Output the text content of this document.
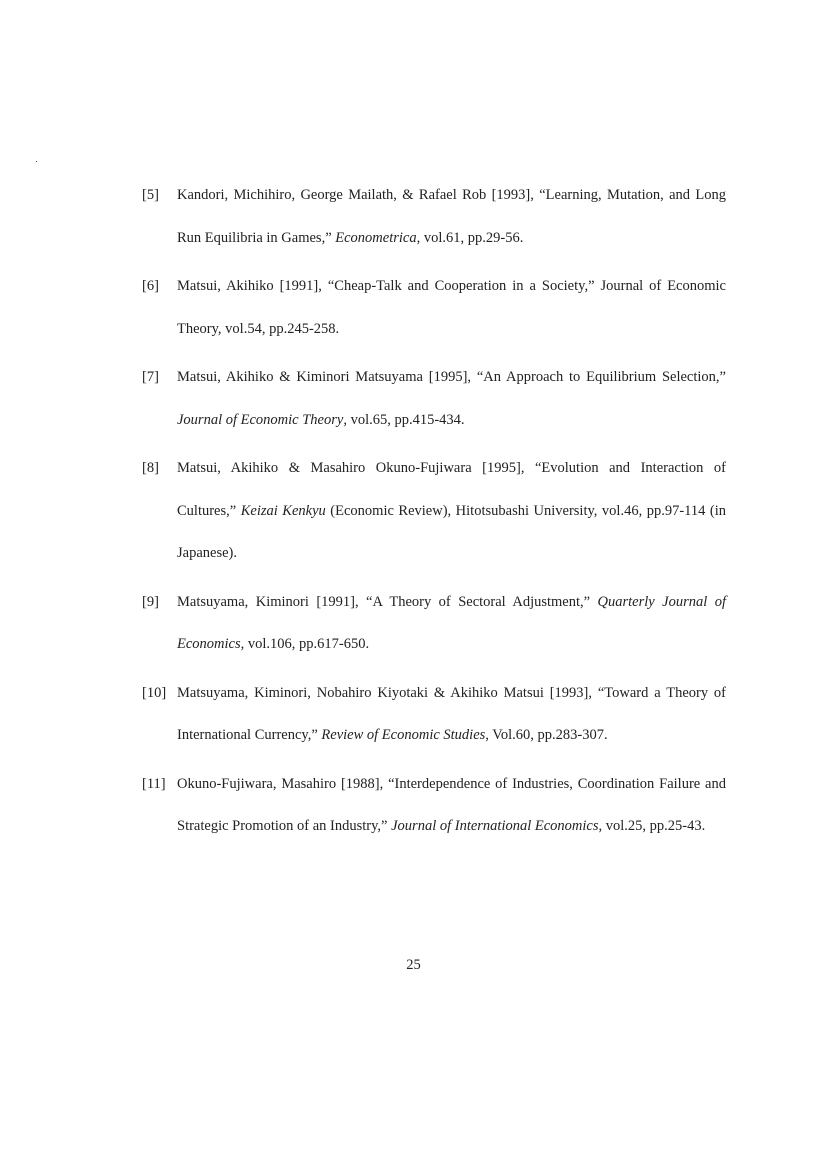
[5]	Kandori, Michihiro, George Mailath, & Rafael Rob [1993], “Learning, Mutation, and Long Run Equilibria in Games,” Econometrica, vol.61, pp.29-56.

[6]	Matsui, Akihiko [1991], “Cheap-Talk and Cooperation in a Society,” Journal of Economic Theory, vol.54, pp.245-258.

[7]	Matsui, Akihiko & Kiminori Matsuyama [1995], “An Approach to Equilibrium Selection,” Journal of Economic Theory, vol.65, pp.415-434.

[8]	Matsui, Akihiko & Masahiro Okuno-Fujiwara [1995], “Evolution and Interaction of Cultures,” Keizai Kenkyu (Economic Review), Hitotsubashi University, vol.46, pp.97-114 (in Japanese).

[9]	Matsuyama, Kiminori [1991], “A Theory of Sectoral Adjustment,” Quarterly Journal of Economics, vol.106, pp.617-650.

[10] Matsuyama, Kiminori, Nobahiro Kiyotaki & Akihiko Matsui [1993], “Toward a Theory of International Currency,” Review of Economic Studies, Vol.60, pp.283-307.

[11] Okuno-Fujiwara, Masahiro [1988], “Interdependence of Industries, Coordination Failure and Strategic Promotion of an Industry,” Journal of International Economics, vol.25, pp.25-43.

25
